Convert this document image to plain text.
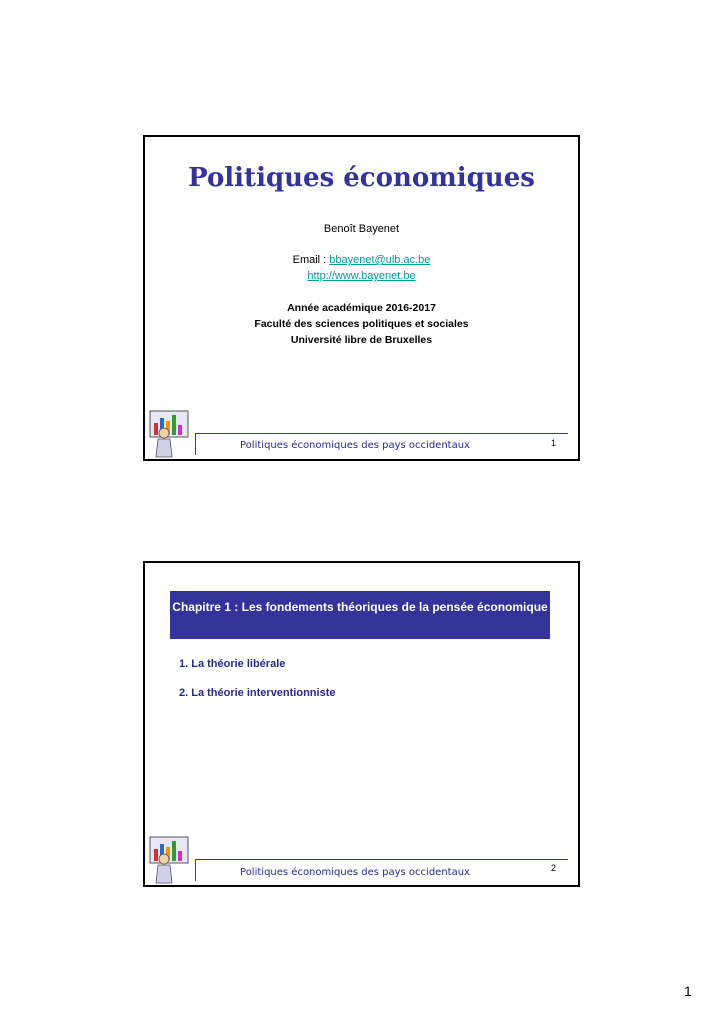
Politiques économiques
Benoît Bayenet
Email : bbayenet@ulb.ac.be
http://www.bayenet.be
Année académique 2016-2017
Faculté des sciences politiques et sociales
Université libre de Bruxelles
Politiques économiques des pays occidentaux	1
Chapitre 1 : Les fondements théoriques de la pensée économique
1. La théorie libérale
2. La théorie interventionniste
Politiques économiques des pays occidentaux	2
1
